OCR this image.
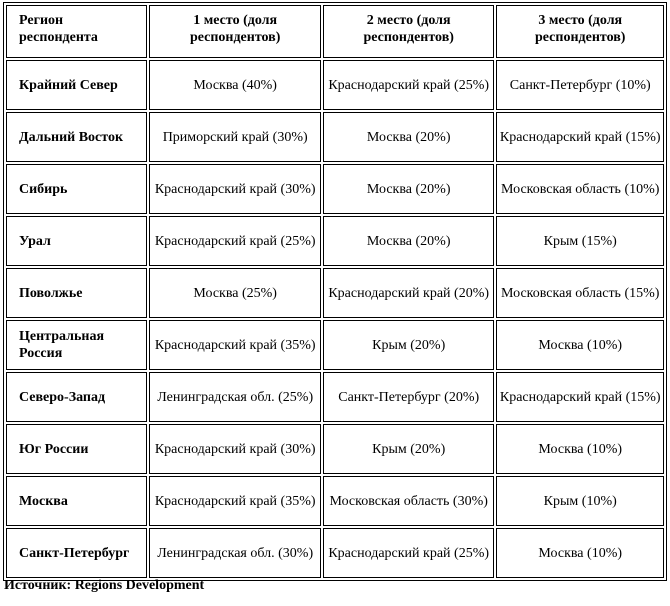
Регион респондента	1 место (доля респондентов)	2 место (доля респондентов)	3 место (доля респондентов)
Крайний Север	Москва (40%)	Краснодарский край (25%)	Санкт-Петербург (10%)
Дальний Восток	Приморский край (30%)	Москва (20%)	Краснодарский край (15%)
Сибирь	Краснодарский край (30%)	Москва (20%)	Московская область (10%)
Урал	Краснодарский край (25%)	Москва (20%)	Крым (15%)
Поволжье	Москва (25%)	Краснодарский край (20%)	Московская область (15%)
Центральная Россия	Краснодарский край (35%)	Крым (20%)	Москва (10%)
Северо-Запад	Ленинградская обл. (25%)	Санкт-Петербург (20%)	Краснодарский край (15%)
Юг России	Краснодарский край (30%)	Крым (20%)	Москва (10%)
Москва	Краснодарский край (35%)	Московская область (30%)	Крым (10%)
Санкт-Петербург	Ленинградская обл. (30%)	Краснодарский край (25%)	Москва (10%)
Источник: Regions Development
